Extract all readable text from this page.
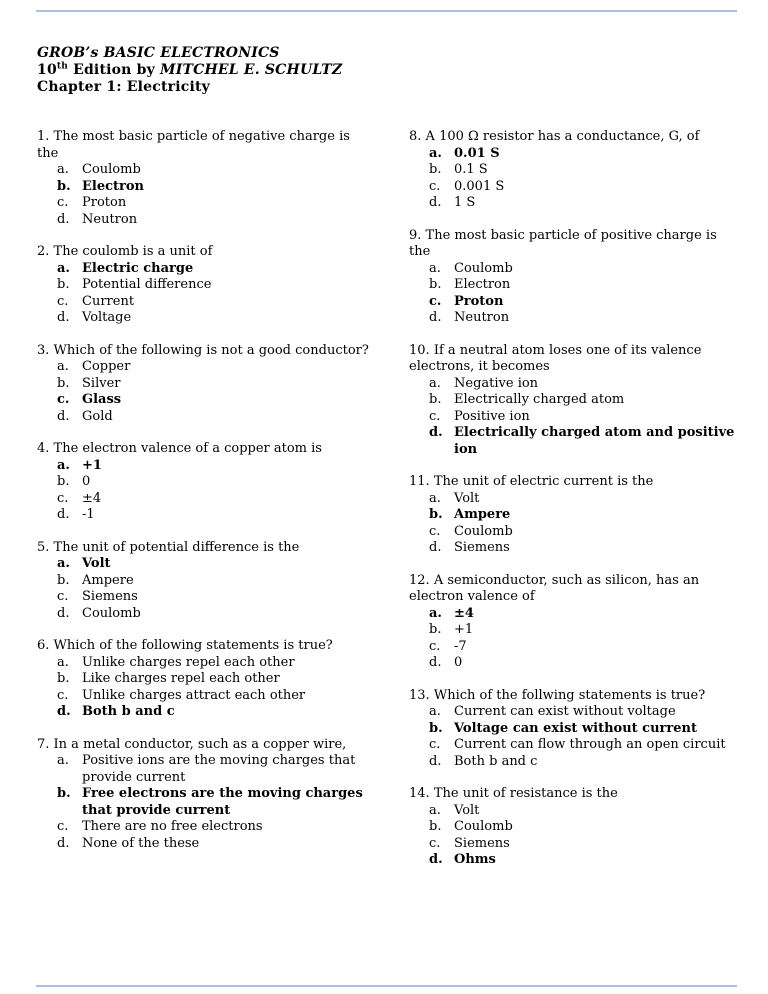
GROB’s BASIC ELECTRONICS
10th Edition by MITCHEL E. SCHULTZ
Chapter 1: Electricity

1. The most basic particle of negative charge is the

a.	Coulomb
b. Electron
c.	Proton
d. Neutron

2. The coulomb is a unit of

a. Electric charge
b. Potential difference
c.	Current
d. Voltage

3. Which of the following is not a good conductor?

a.	Copper
b. Silver
c. Glass
d. Gold

4. The electron valence of a copper atom is

a. +1
b. 0
c.	±4
d. -1

5. The unit of potential difference is the

a. Volt
b. Ampere
c.	Siemens
d. Coulomb

6. Which of the following statements is true?

a.	Unlike charges repel each other
b. Like charges repel each other
c.	Unlike charges attract each other
d. Both b and c

7. In a metal conductor, such as a copper wire,

a.	Positive ions are the moving charges that provide current
b. Free electrons are the moving charges that provide current
c.	There are no free electrons
d. None of the these

8. A 100 Ω resistor has a conductance, G, of

a. 0.01 S
b. 0.1 S
c.	0.001 S
d. 1 S

9. The most basic particle of positive charge is the

a.	Coulomb
b. Electron
c. Proton
d. Neutron

10. If a neutral atom loses one of its valence electrons, it becomes

a.	Negative ion
b. Electrically charged atom
c.	Positive ion
d. Electrically charged atom and positive ion

11. The unit of electric current is the

a.	Volt
b. Ampere
c.	Coulomb
d. Siemens

12. A semiconductor, such as silicon, has an electron valence of

a. ±4
b. +1
c.	-7
d. 0

13. Which of the follwing statements is true?

a.	Current can exist without voltage
b. Voltage can exist without current
c.	Current can flow through an open circuit
d. Both b and c

14. The unit of resistance is the

a.	Volt
b. Coulomb
c.	Siemens
d. Ohms
